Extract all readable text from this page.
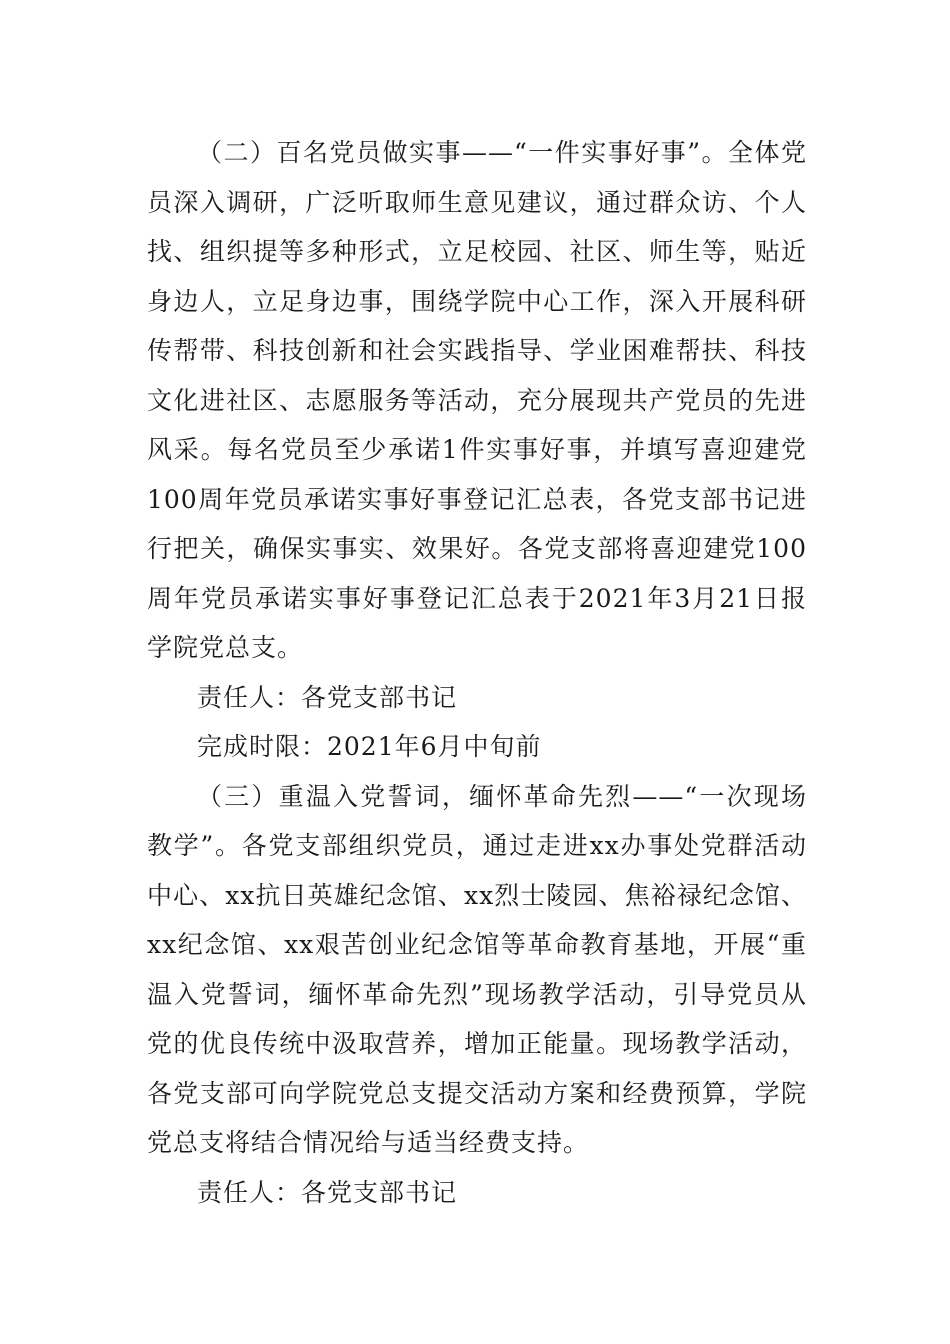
（二）百名党员做实事——“一件实事好事”。全体党员深入调研，广泛听取师生意见建议，通过群众访、个人找、组织提等多种形式，立足校园、社区、师生等，贴近身边人，立足身边事，围绕学院中心工作，深入开展科研传帮带、科技创新和社会实践指导、学业困难帮扶、科技文化进社区、志愿服务等活动，充分展现共产党员的先进风采。每名党员至少承诺1件实事好事，并填写喜迎建党100周年党员承诺实事好事登记汇总表，各党支部书记进行把关，确保实事实、效果好。各党支部将喜迎建党100周年党员承诺实事好事登记汇总表于2021年3月21日报学院党总支。

责任人：各党支部书记

完成时限：2021年6月中旬前

（三）重温入党誓词，缅怀革命先烈——“一次现场教学”。各党支部组织党员，通过走进xx办事处党群活动中心、xx抗日英雄纪念馆、xx烈士陵园、焦裕禄纪念馆、xx纪念馆、xx艰苦创业纪念馆等革命教育基地，开展“重温入党誓词，缅怀革命先烈”现场教学活动，引导党员从党的优良传统中汲取营养，增加正能量。现场教学活动，各党支部可向学院党总支提交活动方案和经费预算，学院党总支将结合情况给与适当经费支持。

责任人：各党支部书记
